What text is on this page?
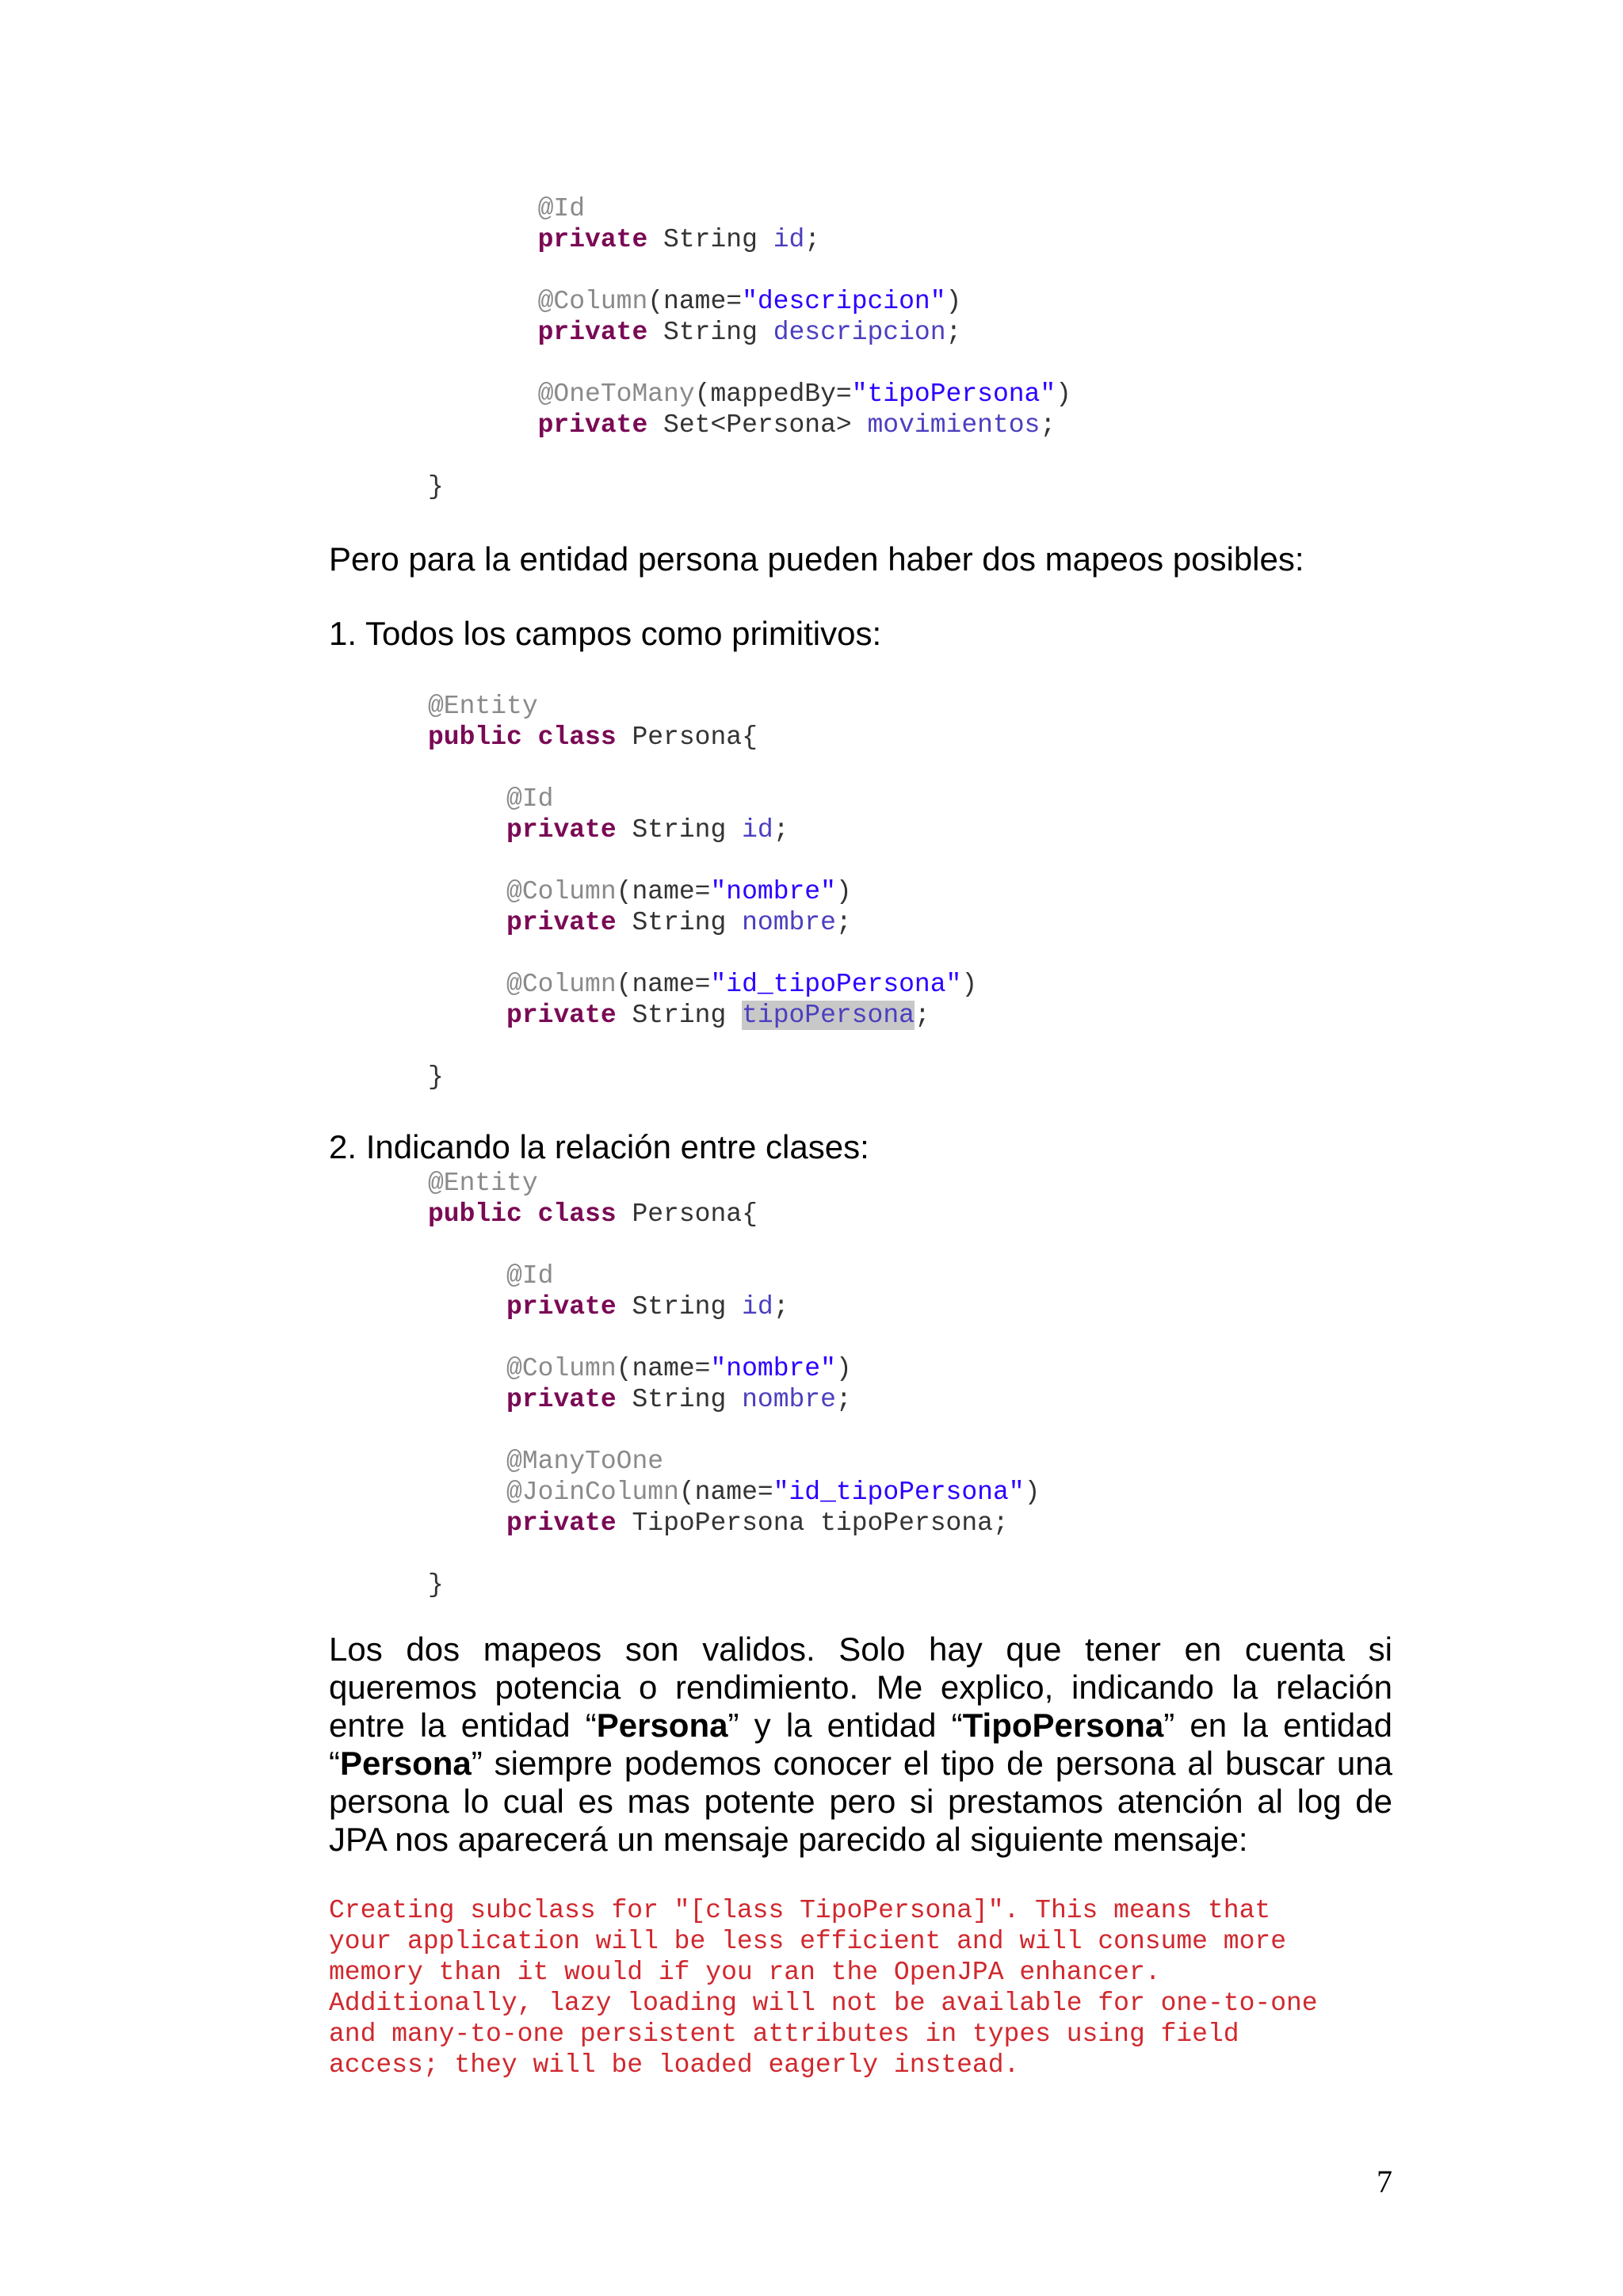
@Id
private String id;

@Column(name="descripcion")
private String descripcion;

@OneToMany(mappedBy="tipoPersona")
private Set<Persona> movimientos;

}

Pero para la entidad persona pueden haber dos mapeos posibles:

1. Todos los campos como primitivos:

@Entity
public class Persona{

@Id
private String id;

@Column(name="nombre")
private String nombre;

@Column(name="id_tipoPersona")
private String tipoPersona;

}

2. Indicando la relación entre clases:

@Entity
public class Persona{

@Id
private String id;

@Column(name="nombre")
private String nombre;

@ManyToOne
@JoinColumn(name="id_tipoPersona")
private TipoPersona tipoPersona;

}

Los dos mapeos son validos. Solo hay que tener en cuenta si queremos potencia o rendimiento. Me explico, indicando la relación entre la entidad “Persona” y la entidad “TipoPersona” en la entidad “Persona” siempre podemos conocer el tipo de persona al buscar una persona lo cual es mas potente pero si prestamos atención al log de JPA nos aparecerá un mensaje parecido al siguiente mensaje:

Creating subclass for "[class TipoPersona]". This means that
your application will be less efficient and will consume more
memory than it would if you ran the OpenJPA enhancer.
Additionally, lazy loading will not be available for one-to-one
and many-to-one persistent attributes in types using field
access; they will be loaded eagerly instead.
7
